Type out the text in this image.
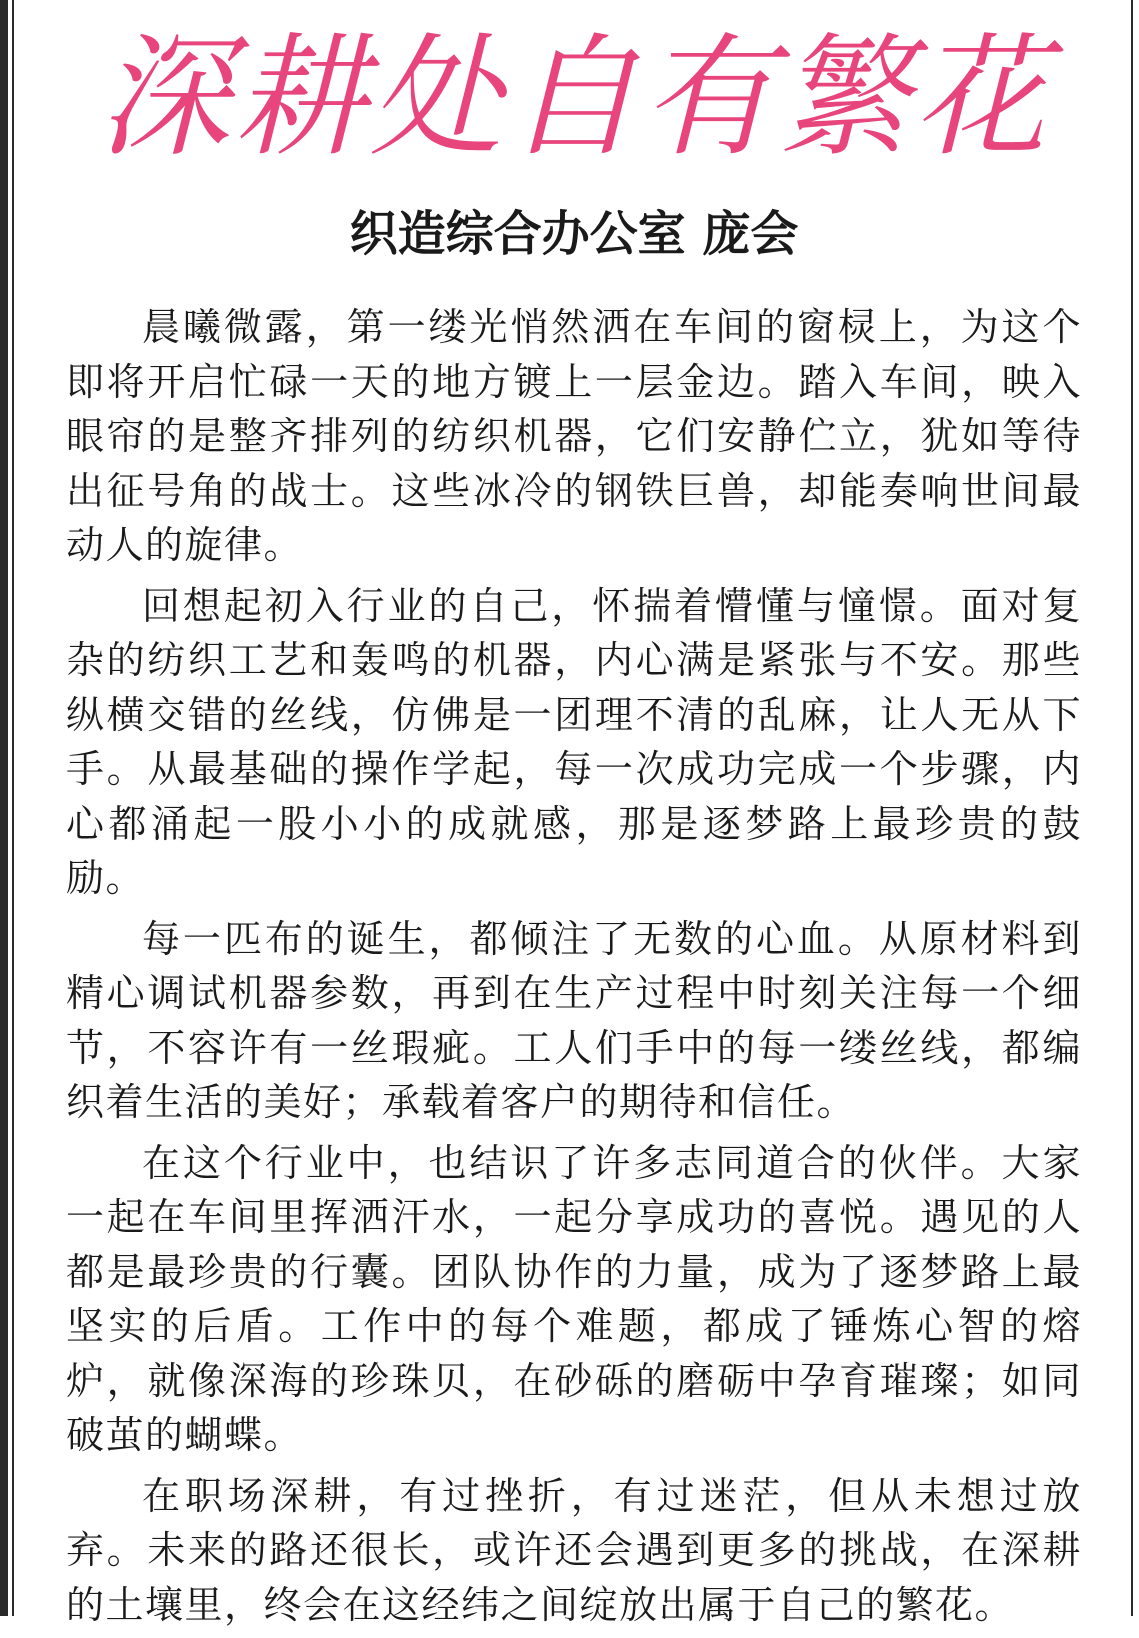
深耕处自有繁花
织造综合办公室 庞会

晨曦微露，第一缕光悄然洒在车间的窗棂上，为这个即将开启忙碌一天的地方镀上一层金边。踏入车间，映入眼帘的是整齐排列的纺织机器，它们安静伫立，犹如等待出征号角的战士。这些冰冷的钢铁巨兽，却能奏响世间最动人的旋律。

回想起初入行业的自己，怀揣着懵懂与憧憬。面对复杂的纺织工艺和轰鸣的机器，内心满是紧张与不安。那些纵横交错的丝线，仿佛是一团理不清的乱麻，让人无从下手。从最基础的操作学起，每一次成功完成一个步骤，内心都涌起一股小小的成就感，那是逐梦路上最珍贵的鼓励。

每一匹布的诞生，都倾注了无数的心血。从原材料到精心调试机器参数，再到在生产过程中时刻关注每一个细节，不容许有一丝瑕疵。工人们手中的每一缕丝线，都编织着生活的美好；承载着客户的期待和信任。

在这个行业中，也结识了许多志同道合的伙伴。大家一起在车间里挥洒汗水，一起分享成功的喜悦。遇见的人都是最珍贵的行囊。团队协作的力量，成为了逐梦路上最坚实的后盾。工作中的每个难题，都成了锤炼心智的熔炉，就像深海的珍珠贝，在砂砾的磨砺中孕育璀璨；如同破茧的蝴蝶。

在职场深耕，有过挫折，有过迷茫，但从未想过放弃。未来的路还很长，或许还会遇到更多的挑战，在深耕的土壤里，终会在这经纬之间绽放出属于自己的繁花。
